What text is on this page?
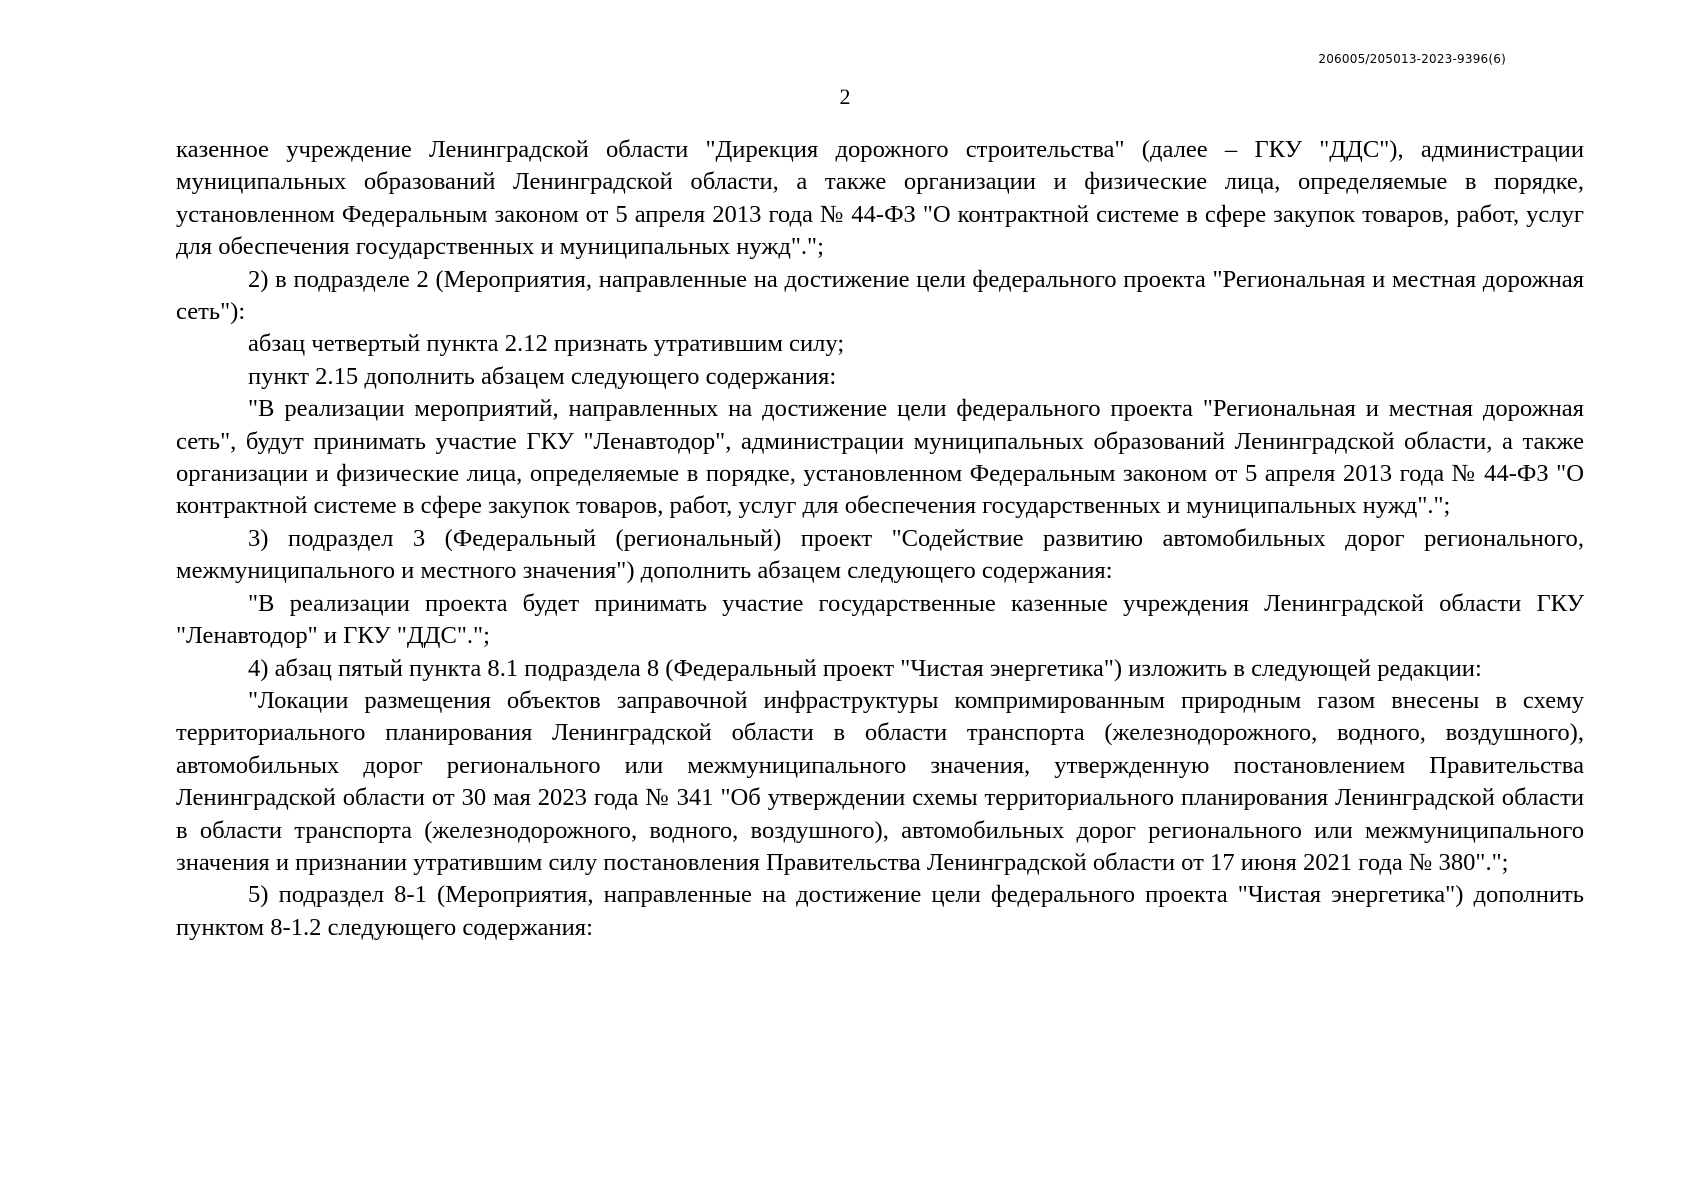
206005/205013-2023-9396(6)
2

казенное учреждение Ленинградской области "Дирекция дорожного строительства" (далее – ГКУ "ДДС"), администрации муниципальных образований Ленинградской области, а также организации и физические лица, определяемые в порядке, установленном Федеральным законом от 5 апреля 2013 года № 44-ФЗ "О контрактной системе в сфере закупок товаров, работ, услуг для обеспечения государственных и муниципальных нужд".";

2) в подразделе 2 (Мероприятия, направленные на достижение цели федерального проекта "Региональная и местная дорожная сеть"):

абзац четвертый пункта 2.12 признать утратившим силу;

пункт 2.15 дополнить абзацем следующего содержания:

"В реализации мероприятий, направленных на достижение цели федерального проекта "Региональная и местная дорожная сеть", будут принимать участие ГКУ "Ленавтодор", администрации муниципальных образований Ленинградской области, а также организации и физические лица, определяемые в порядке, установленном Федеральным законом от 5 апреля 2013 года № 44-ФЗ "О контрактной системе в сфере закупок товаров, работ, услуг для обеспечения государственных и муниципальных нужд".";

3) подраздел 3 (Федеральный (региональный) проект "Содействие развитию автомобильных дорог регионального, межмуниципального и местного значения") дополнить абзацем следующего содержания:

"В реализации проекта будет принимать участие государственные казенные учреждения Ленинградской области ГКУ "Ленавтодор" и ГКУ "ДДС".";

4) абзац пятый пункта 8.1 подраздела 8 (Федеральный проект "Чистая энергетика") изложить в следующей редакции:

"Локации размещения объектов заправочной инфраструктуры компримированным природным газом внесены в схему территориального планирования Ленинградской области в области транспорта (железнодорожного, водного, воздушного), автомобильных дорог регионального или межмуниципального значения, утвержденную постановлением Правительства Ленинградской области от 30 мая 2023 года № 341 "Об утверждении схемы территориального планирования Ленинградской области в области транспорта (железнодорожного, водного, воздушного), автомобильных дорог регионального или межмуниципального значения и признании утратившим силу постановления Правительства Ленинградской области от 17 июня 2021 года № 380".";

5) подраздел 8-1 (Мероприятия, направленные на достижение цели федерального проекта "Чистая энергетика") дополнить пунктом 8-1.2 следующего содержания:
